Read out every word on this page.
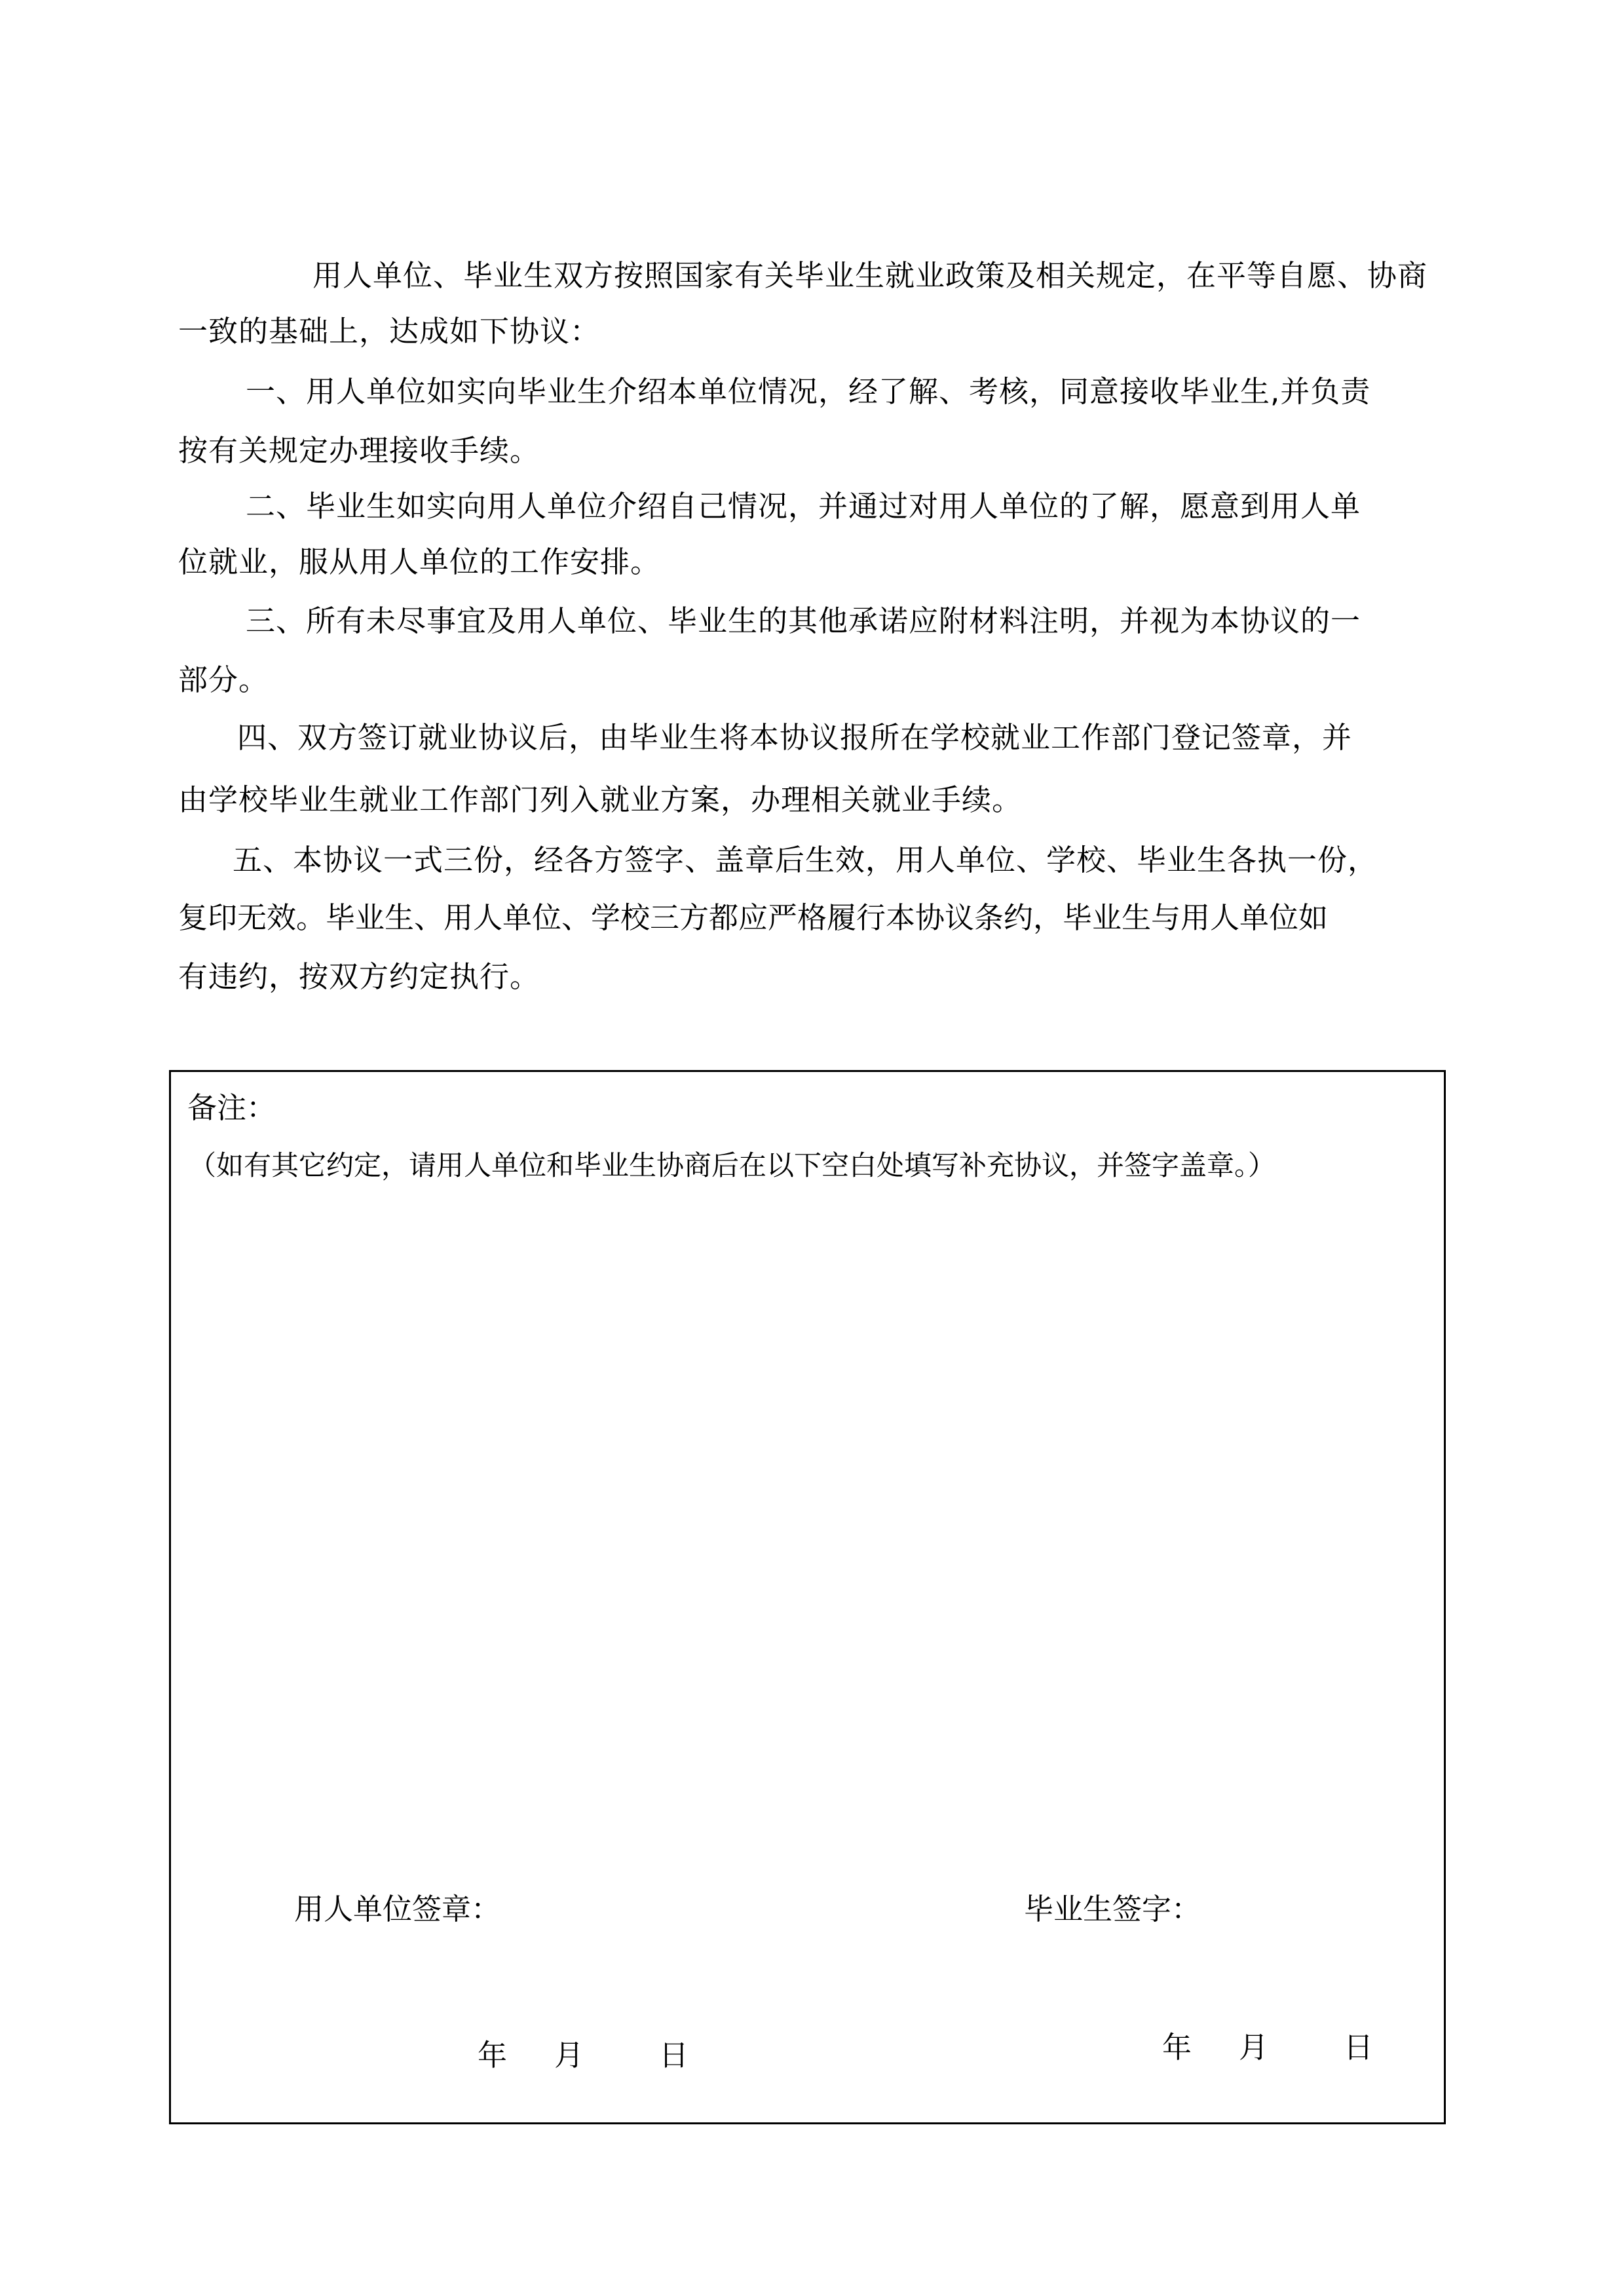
用人单位、毕业生双方按照国家有关毕业生就业政策及相关规定，在平等自愿、协商
一致的基础上，达成如下协议：
一、用人单位如实向毕业生介绍本单位情况，经了解、考核，同意接收毕业生,并负责
按有关规定办理接收手续。
二、毕业生如实向用人单位介绍自己情况，并通过对用人单位的了解，愿意到用人单
位就业，服从用人单位的工作安排。
三、所有未尽事宜及用人单位、毕业生的其他承诺应附材料注明，并视为本协议的一
部分。
四、双方签订就业协议后，由毕业生将本协议报所在学校就业工作部门登记签章，并
由学校毕业生就业工作部门列入就业方案，办理相关就业手续。
五、本协议一式三份，经各方签字、盖章后生效，用人单位、学校、毕业生各执一份，
复印无效。毕业生、用人单位、学校三方都应严格履行本协议条约，毕业生与用人单位如
有违约，按双方约定执行。
备注：
（如有其它约定，请用人单位和毕业生协商后在以下空白处填写补充协议，并签字盖章。）
用人单位签章：	毕业生签字：
年 月	日	年 月	日
